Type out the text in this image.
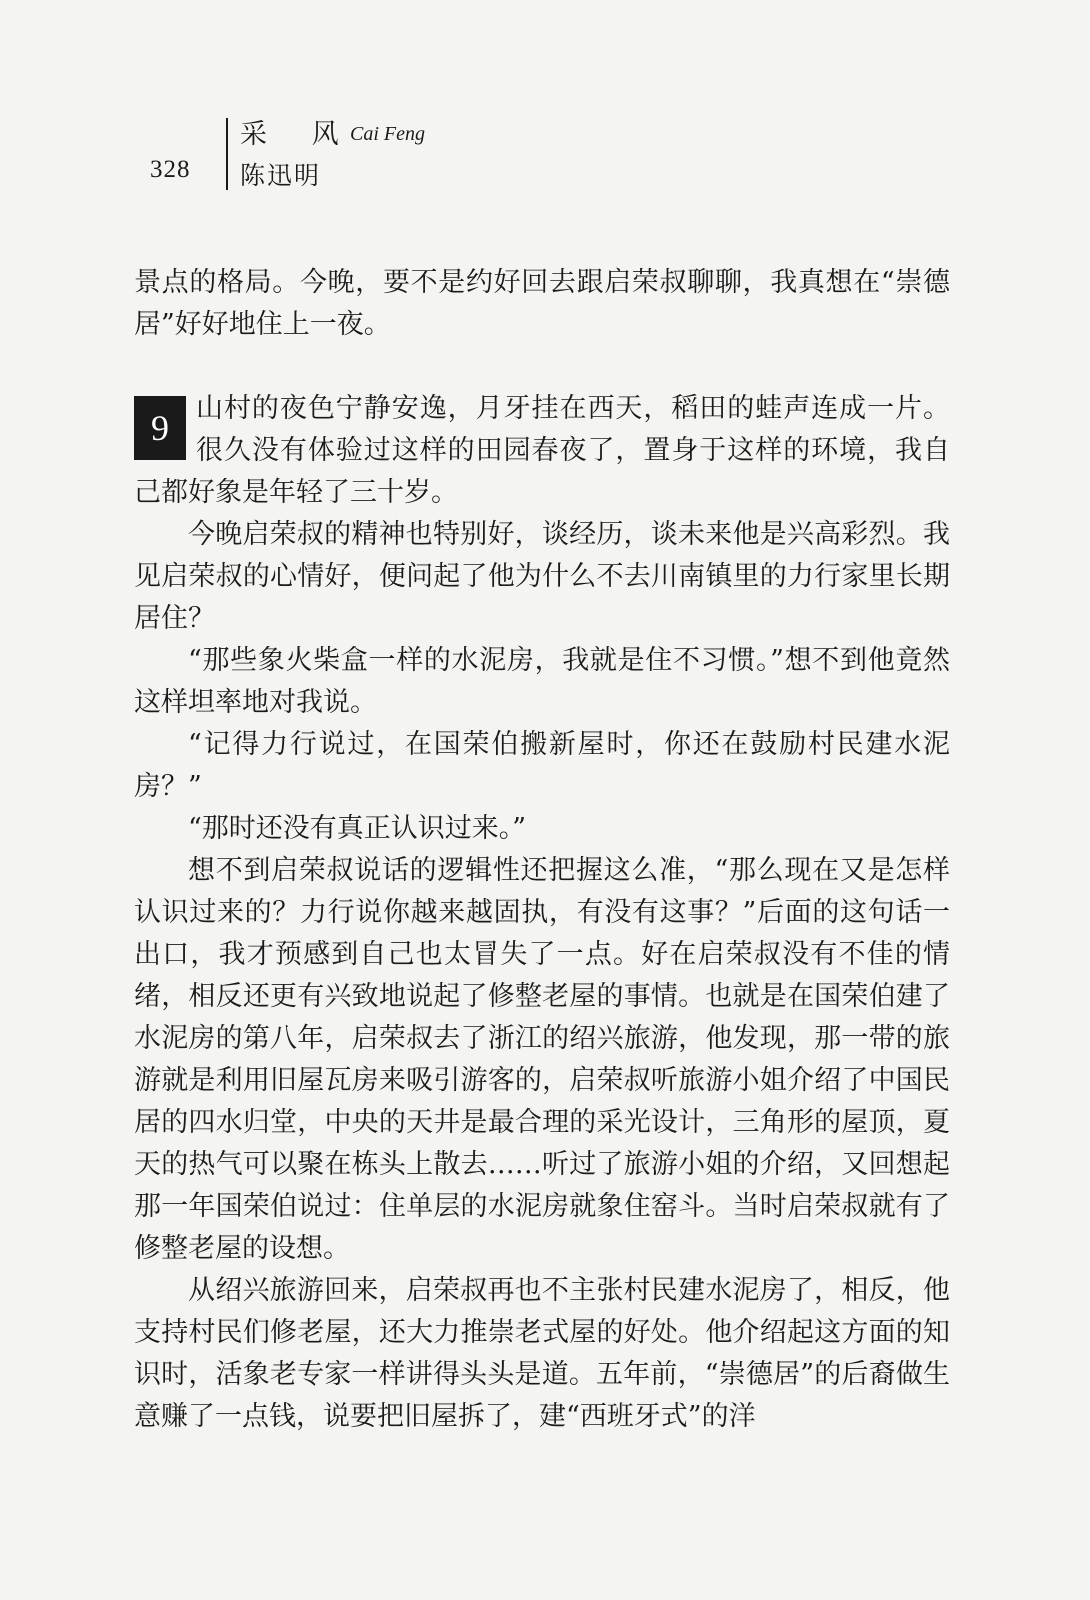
328
采 风
Cai Feng
陈迅明

景点的格局。今晚，要不是约好回去跟启荣叔聊聊，我真想在“崇德居”好好地住上一夜。

9	山村的夜色宁静安逸，月牙挂在西天，稻田的蛙声连成一片。很久没有体验过这样的田园春夜了，置身于这样的环境，我自己都好象是年轻了三十岁。

今晚启荣叔的精神也特别好，谈经历，谈未来他是兴高彩烈。我见启荣叔的心情好，便问起了他为什么不去川南镇里的力行家里长期居住？

“那些象火柴盒一样的水泥房，我就是住不习惯。”想不到他竟然这样坦率地对我说。

“记得力行说过，在国荣伯搬新屋时，你还在鼓励村民建水泥房？”

“那时还没有真正认识过来。”

想不到启荣叔说话的逻辑性还把握这么准，“那么现在又是怎样认识过来的？力行说你越来越固执，有没有这事？”后面的这句话一出口，我才预感到自己也太冒失了一点。好在启荣叔没有不佳的情绪，相反还更有兴致地说起了修整老屋的事情。也就是在国荣伯建了水泥房的第八年，启荣叔去了浙江的绍兴旅游，他发现，那一带的旅游就是利用旧屋瓦房来吸引游客的，启荣叔听旅游小姐介绍了中国民居的四水归堂，中央的天井是最合理的采光设计，三角形的屋顶，夏天的热气可以聚在栋头上散去……听过了旅游小姐的介绍，又回想起那一年国荣伯说过：住单层的水泥房就象住窑斗。当时启荣叔就有了修整老屋的设想。

从绍兴旅游回来，启荣叔再也不主张村民建水泥房了，相反，他支持村民们修老屋，还大力推崇老式屋的好处。他介绍起这方面的知识时，活象老专家一样讲得头头是道。五年前，“崇德居”的后裔做生意赚了一点钱，说要把旧屋拆了，建“西班牙式”的洋
